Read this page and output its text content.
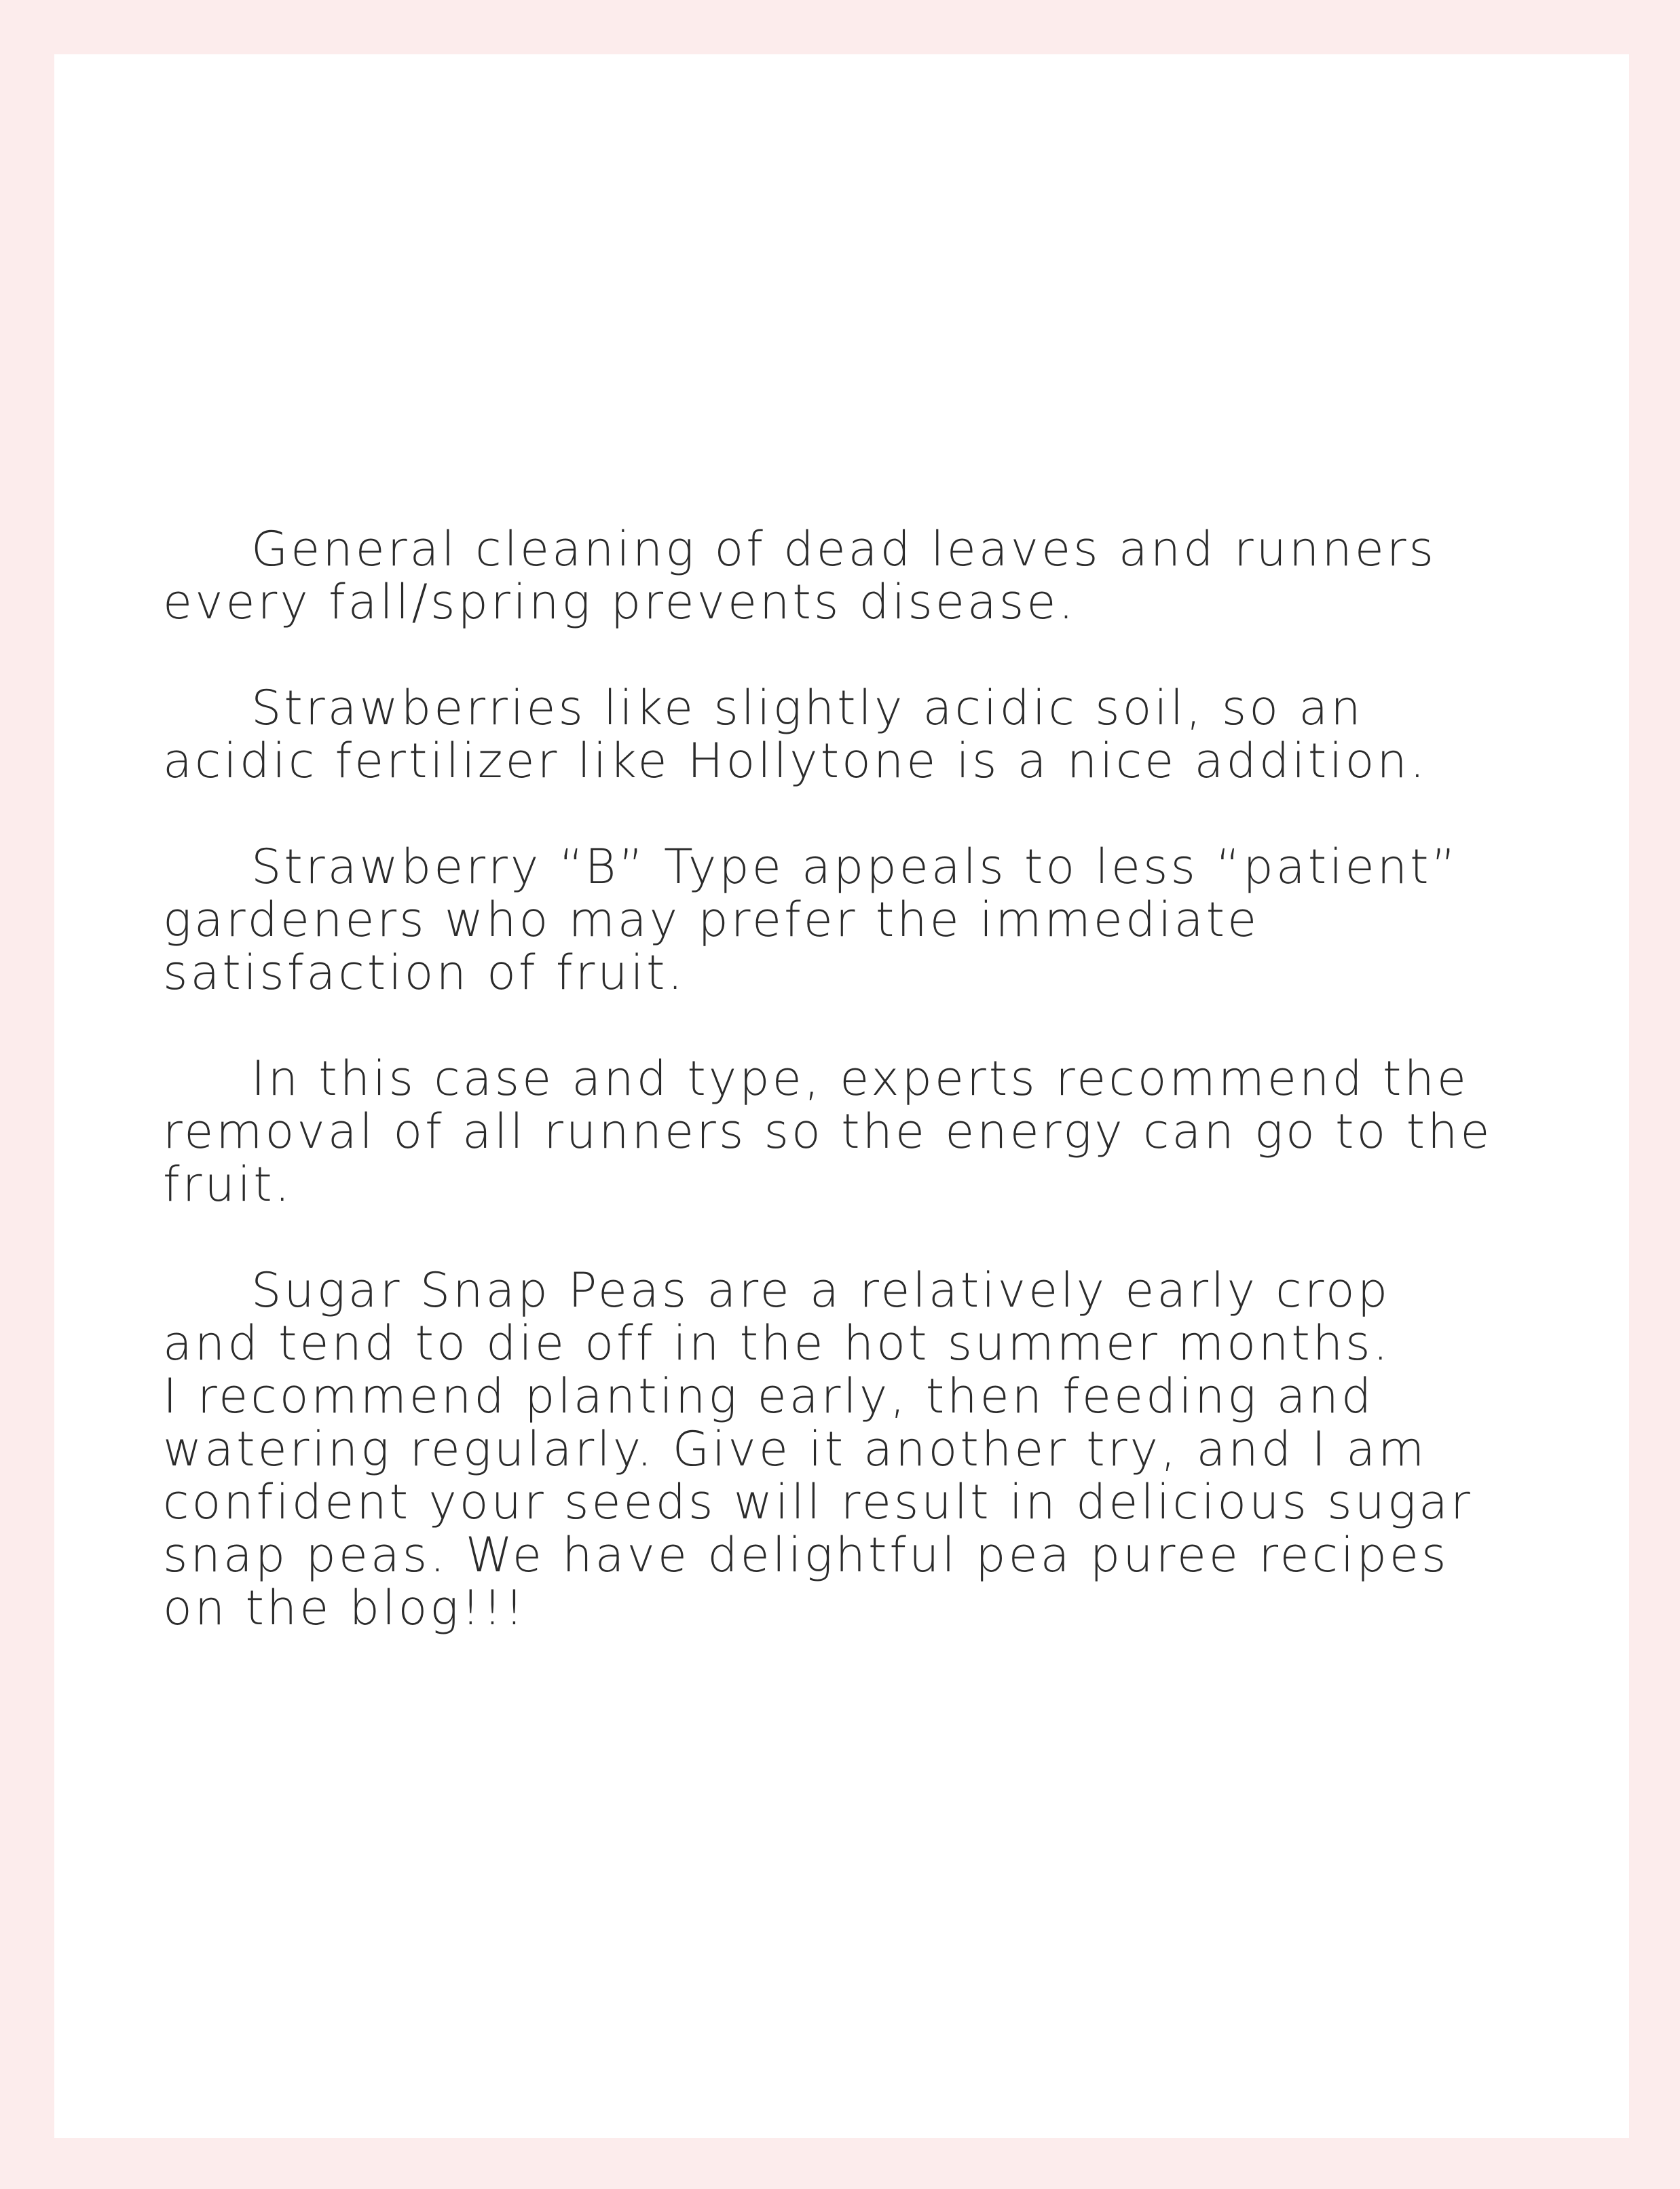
General cleaning of dead leaves and runners
every fall/spring prevents disease.

Strawberries like slightly acidic soil, so an
acidic fertilizer like Hollytone is a nice addition.

Strawberry “B” Type appeals to less “patient”
gardeners who may prefer the immediate
satisfaction of fruit.

In this case and type, experts recommend the
removal of all runners so the energy can go to the
fruit.

Sugar Snap Peas are a relatively early crop
and tend to die off in the hot summer months.
I recommend planting early, then feeding and
watering regularly. Give it another try, and I am
confident your seeds will result in delicious sugar
snap peas. We have delightful pea puree recipes
on the blog!!!
